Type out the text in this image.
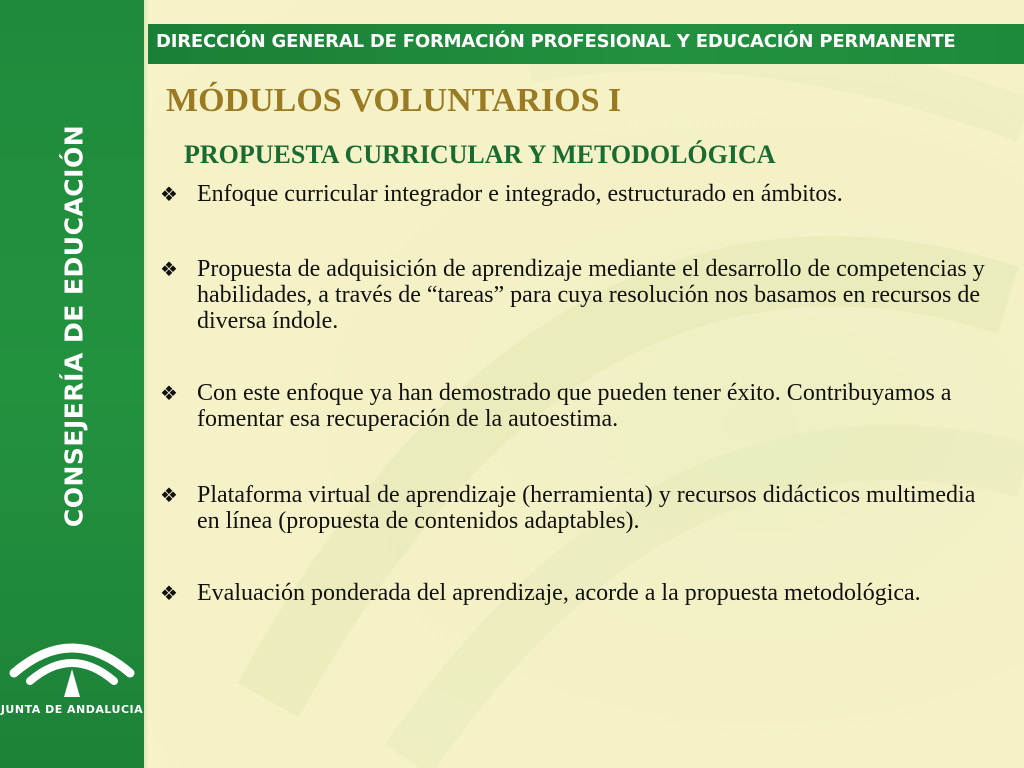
CONSEJERÍA DE EDUCACIÓN
JUNTA DE ANDALUCIA
DIRECCIÓN GENERAL DE FORMACIÓN PROFESIONAL Y EDUCACIÓN PERMANENTE
MÓDULOS VOLUNTARIOS I
PROPUESTA CURRICULAR Y METODOLÓGICA
❖ Enfoque curricular integrador e integrado, estructurado en ámbitos.
❖ Propuesta de adquisición de aprendizaje mediante el desarrollo de competencias y habilidades, a través de “tareas” para cuya resolución nos basamos en recursos de diversa índole.
❖ Con este enfoque ya han demostrado que pueden tener éxito. Contribuyamos a fomentar esa recuperación de la autoestima.
❖ Plataforma virtual de aprendizaje (herramienta) y recursos didácticos multimedia en línea (propuesta de contenidos adaptables).
❖ Evaluación ponderada del aprendizaje, acorde a la propuesta metodológica.
